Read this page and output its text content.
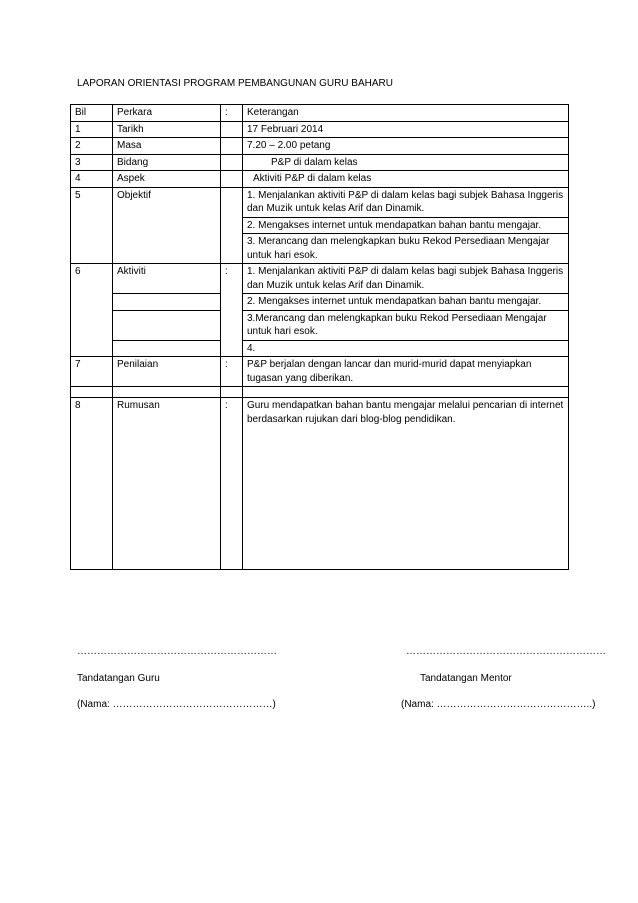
LAPORAN ORIENTASI PROGRAM PEMBANGUNAN GURU BAHARU
Bil	Perkara	:	Keterangan
1	Tarikh		17 Februari 2014
2	Masa		7.20 – 2.00 petang
3	Bidang		P&P di dalam kelas
4	Aspek		Aktiviti P&P di dalam kelas
5	Objektif		1. Menjalankan aktiviti P&P di dalam kelas bagi subjek Bahasa Inggeris dan Muzik untuk kelas Arif dan Dinamik.
			2. Mengakses internet untuk mendapatkan bahan bantu mengajar.
			3. Merancang dan melengkapkan buku Rekod Persediaan Mengajar untuk hari esok.
6	Aktiviti	:	1. Menjalankan aktiviti P&P di dalam kelas bagi subjek Bahasa Inggeris dan Muzik untuk kelas Arif dan Dinamik.
			2. Mengakses internet untuk mendapatkan bahan bantu mengajar.
			3.Merancang dan melengkapkan buku Rekod Persediaan Mengajar untuk hari esok.
			4.
7	Penilaian	:	P&P berjalan dengan lancar dan murid-murid dapat menyiapkan tugasan yang diberikan.

8	Rumusan	:	Guru mendapatkan bahan bantu mengajar melalui pencarian di internet berdasarkan rujukan dari blog-blog pendidikan.
……………………………………………………
Tandatangan Guru
(Nama: …………………………………………)
……………………………………………………
Tandatangan Mentor
(Nama: ………………………………………..)
